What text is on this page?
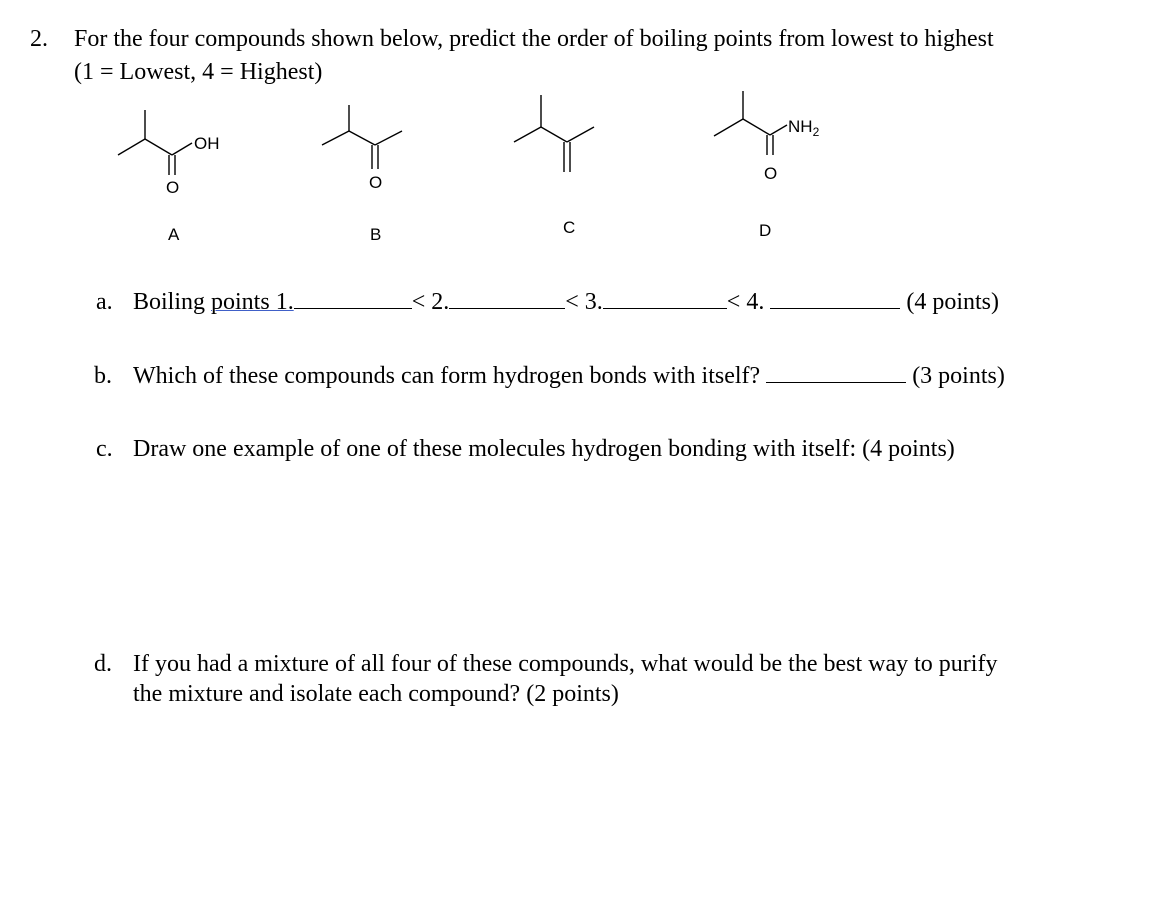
2. For the four compounds shown below, predict the order of boiling points from lowest to highest
(1 = Lowest, 4 = Highest)
OH
O
A
O
B	C
$NH_2$
O
D
a. Boiling points 1.	< 2.	< 3.	< 4.	(4 points)
b. Which of these compounds can form hydrogen bonds with itself?	(3 points)
c. Draw one example of one of these molecules hydrogen bonding with itself: (4 points)
d. If you had a mixture of all four of these compounds, what would be the best way to purify
the mixture and isolate each compound? (2 points)
